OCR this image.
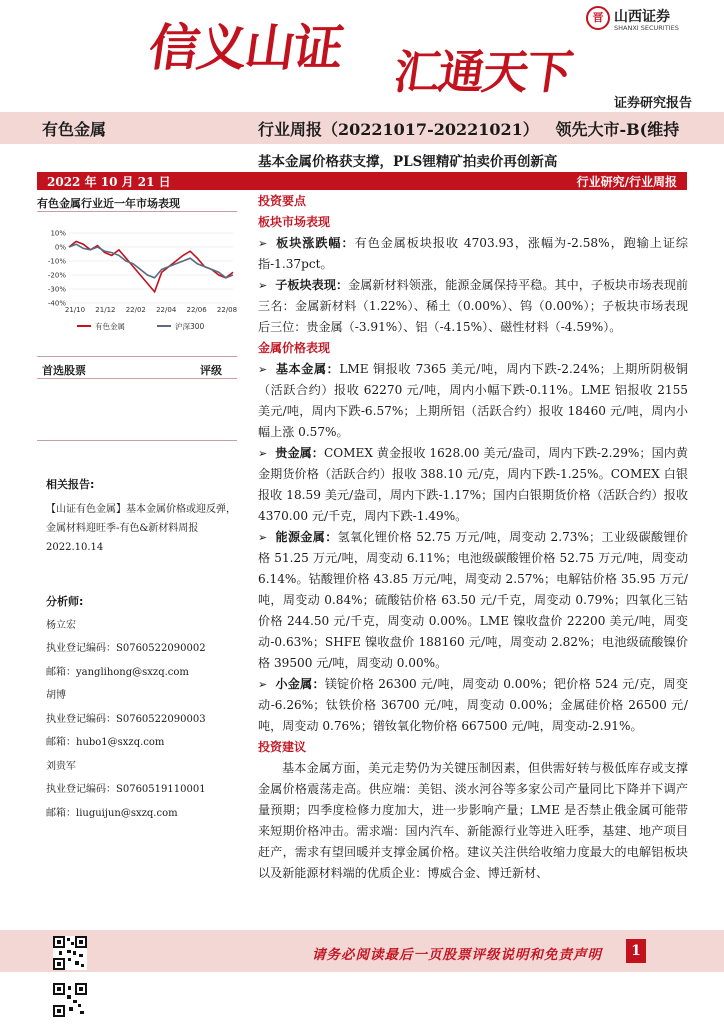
信义山证 汇通天下
晋 山西证券
SHANXI SECURITIES
证券研究报告
有色金属	行业周报（20221017-20221021） 领先大市-B(维持
基本金属价格获支撑，PLS锂精矿拍卖价再创新高
2022 年 10 月 21 日	行业研究/行业周报
有色金属行业近一年市场表现
10%
0%
-10%
-20%
-30%
-40%
21/10 21/12 22/02 22/04 22/06 22/08
有色金属	沪深300
首选股票	评级
相关报告:
【山证有色金属】基本金属价格或迎反弹，金属材料迎旺季-有色&新材料周报 2022.10.14
分析师:
杨立宏
执业登记编码：S0760522090002
邮箱：yanglihong@sxzq.com
胡博
执业登记编码：S0760522090003
邮箱：hubo1@sxzq.com
刘贵军
执业登记编码：S0760519110001
邮箱：liuguijun@sxzq.com
投资要点
板块市场表现
➢ 板块涨跌幅：有色金属板块报收 4703.93，涨幅为-2.58%，跑输上证综指-1.37pct。
➢ 子板块表现：金属新材料领涨，能源金属保持平稳。其中，子板块市场表现前三名：金属新材料（1.22%）、稀土（0.00%）、钨（0.00%）；子板块市场表现后三位：贵金属（-3.91%）、铝（-4.15%）、磁性材料（-4.59%）。
金属价格表现
➢ 基本金属：LME 铜报收 7365 美元/吨，周内下跌-2.24%；上期所阴极铜（活跃合约）报收 62270 元/吨，周内小幅下跌-0.11%。LME 铝报收 2155 美元/吨，周内下跌-6.57%；上期所铝（活跃合约）报收 18460 元/吨，周内小幅上涨 0.57%。
➢ 贵金属：COMEX 黄金报收 1628.00 美元/盎司，周内下跌-2.29%；国内黄金期货价格（活跃合约）报收 388.10 元/克，周内下跌-1.25%。COMEX 白银报收 18.59 美元/盎司，周内下跌-1.17%；国内白银期货价格（活跃合约）报收 4370.00 元/千克，周内下跌-1.49%。
➢ 能源金属：氢氧化锂价格 52.75 万元/吨，周变动 2.73%；工业级碳酸锂价格 51.25 万元/吨，周变动 6.11%；电池级碳酸锂价格 52.75 万元/吨，周变动 6.14%。钴酸锂价格 43.85 万元/吨，周变动 2.57%；电解钴价格 35.95 万元/吨，周变动 0.84%；硫酸钴价格 63.50 元/千克，周变动 0.79%；四氧化三钴价格 244.50 元/千克，周变动 0.00%。LME 镍收盘价 22200 美元/吨，周变动-0.63%；SHFE 镍收盘价 188160 元/吨，周变动 2.82%；电池级硫酸镍价格 39500 元/吨，周变动 0.00%。
➢ 小金属：镁锭价格 26300 元/吨，周变动 0.00%；钯价格 524 元/克，周变动-6.26%；钛铁价格 36700 元/吨，周变动 0.00%；金属硅价格 26500 元/吨，周变动 0.76%；镨钕氧化物价格 667500 元/吨，周变动-2.91%。
投资建议
基本金属方面，美元走势仍为关键压制因素，但供需好转与极低库存或支撑金属价格震荡走高。供应端：美铝、淡水河谷等多家公司产量同比下降并下调产量预期；四季度检修力度加大，进一步影响产量；LME 是否禁止俄金属可能带来短期价格冲击。需求端：国内汽车、新能源行业等进入旺季，基建、地产项目赶产，需求有望回暖并支撑金属价格。建议关注供给收缩力度最大的电解铝板块以及新能源材料端的优质企业：博威合金、博迁新材、
请务必阅读最后一页股票评级说明和免责声明	1
